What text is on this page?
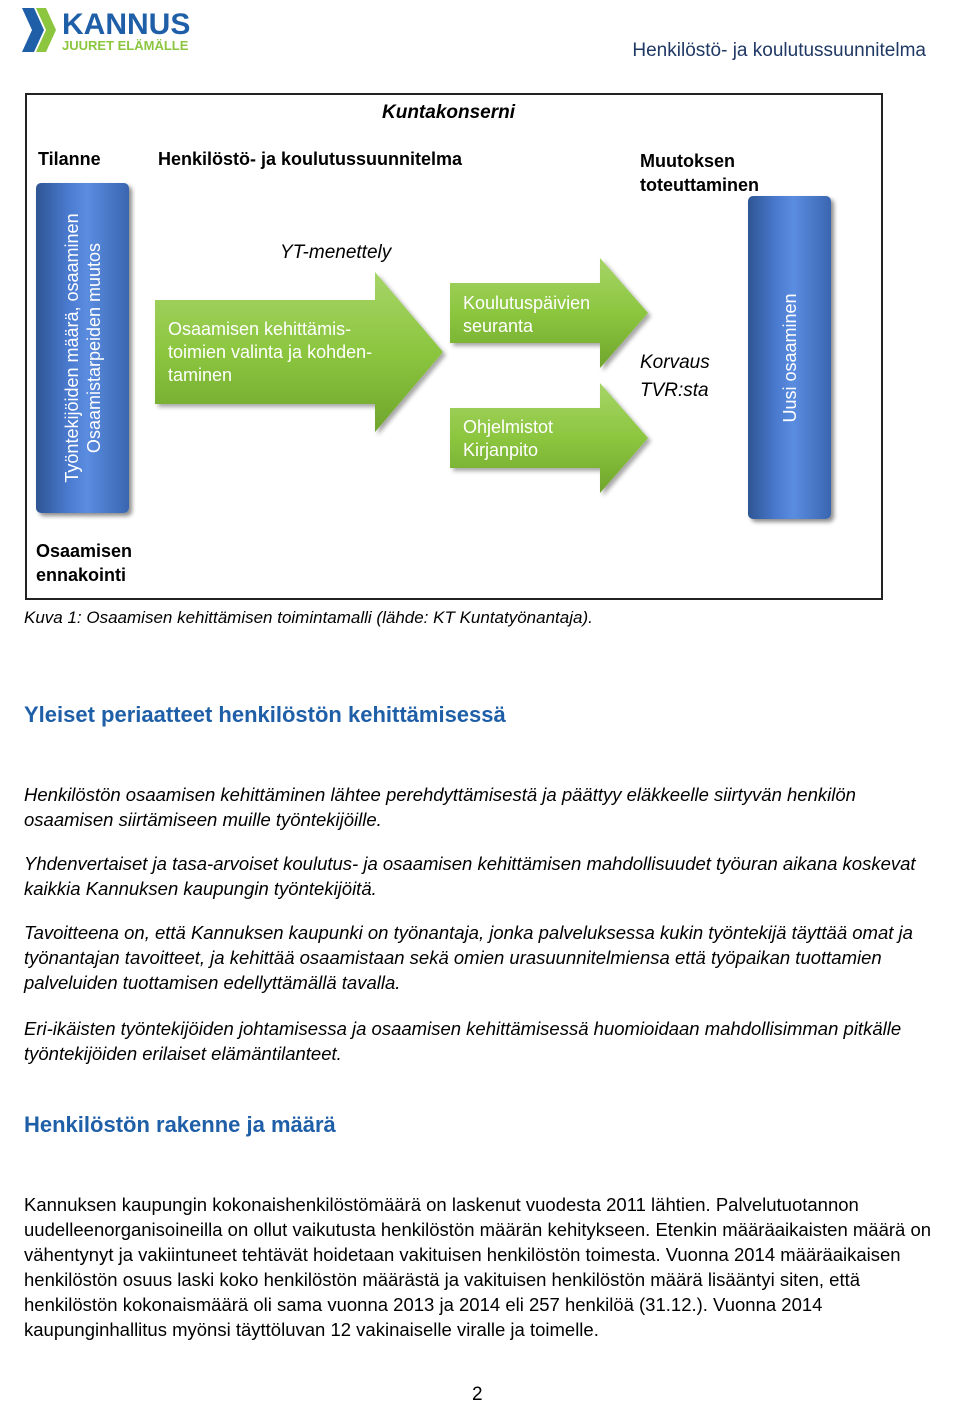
KANNUS
JUURET ELÄMÄLLE	Henkilöstö- ja koulutussuunnitelma
Kuntakonserni
Tilanne	Henkilöstö- ja koulutussuunnitelma	Muutoksen
toteuttaminen
Työntekijöiden määrä, osaaminen Osaamistarpeiden muutos	Uusi osaaminen
YT-menettely
Osaamisen kehittämis-
toimien valinta ja kohden-
taminen
Koulutuspäivien
seuranta
Ohjelmistot
Kirjanpito
Korvaus
TVR:sta
Osaamisen
ennakointi
Kuva 1: Osaamisen kehittämisen toimintamalli (lähde: KT Kuntatyönantaja).
Yleiset periaatteet henkilöstön kehittämisessä

Henkilöstön osaamisen kehittäminen lähtee perehdyttämisestä ja päättyy eläkkeelle siirtyvän henkilön osaamisen siirtämiseen muille työntekijöille.

Yhdenvertaiset ja tasa-arvoiset koulutus- ja osaamisen kehittämisen mahdollisuudet työuran aikana koskevat kaikkia Kannuksen kaupungin työntekijöitä.

Tavoitteena on, että Kannuksen kaupunki on työnantaja, jonka palveluksessa kukin työntekijä täyttää omat ja työnantajan tavoitteet, ja kehittää osaamistaan sekä omien urasuunnitelmiensa että työpaikan tuottamien palveluiden tuottamisen edellyttämällä tavalla.

Eri-ikäisten työntekijöiden johtamisessa ja osaamisen kehittämisessä huomioidaan mahdollisimman pitkälle työntekijöiden erilaiset elämäntilanteet.

Henkilöstön rakenne ja määrä

Kannuksen kaupungin kokonaishenkilöstömäärä on laskenut vuodesta 2011 lähtien. Palvelutuotannon uudelleenorganisoineilla on ollut vaikutusta henkilöstön määrän kehitykseen. Etenkin määräaikaisten määrä on vähentynyt ja vakiintuneet tehtävät hoidetaan vakituisen henkilöstön toimesta. Vuonna 2014 määräaikaisen henkilöstön osuus laski koko henkilöstön määrästä ja vakituisen henkilöstön määrä lisääntyi siten, että henkilöstön kokonaismäärä oli sama vuonna 2013 ja 2014 eli 257 henkilöä (31.12.). Vuonna 2014 kaupunginhallitus myönsi täyttöluvan 12 vakinaiselle viralle ja toimelle.

2
